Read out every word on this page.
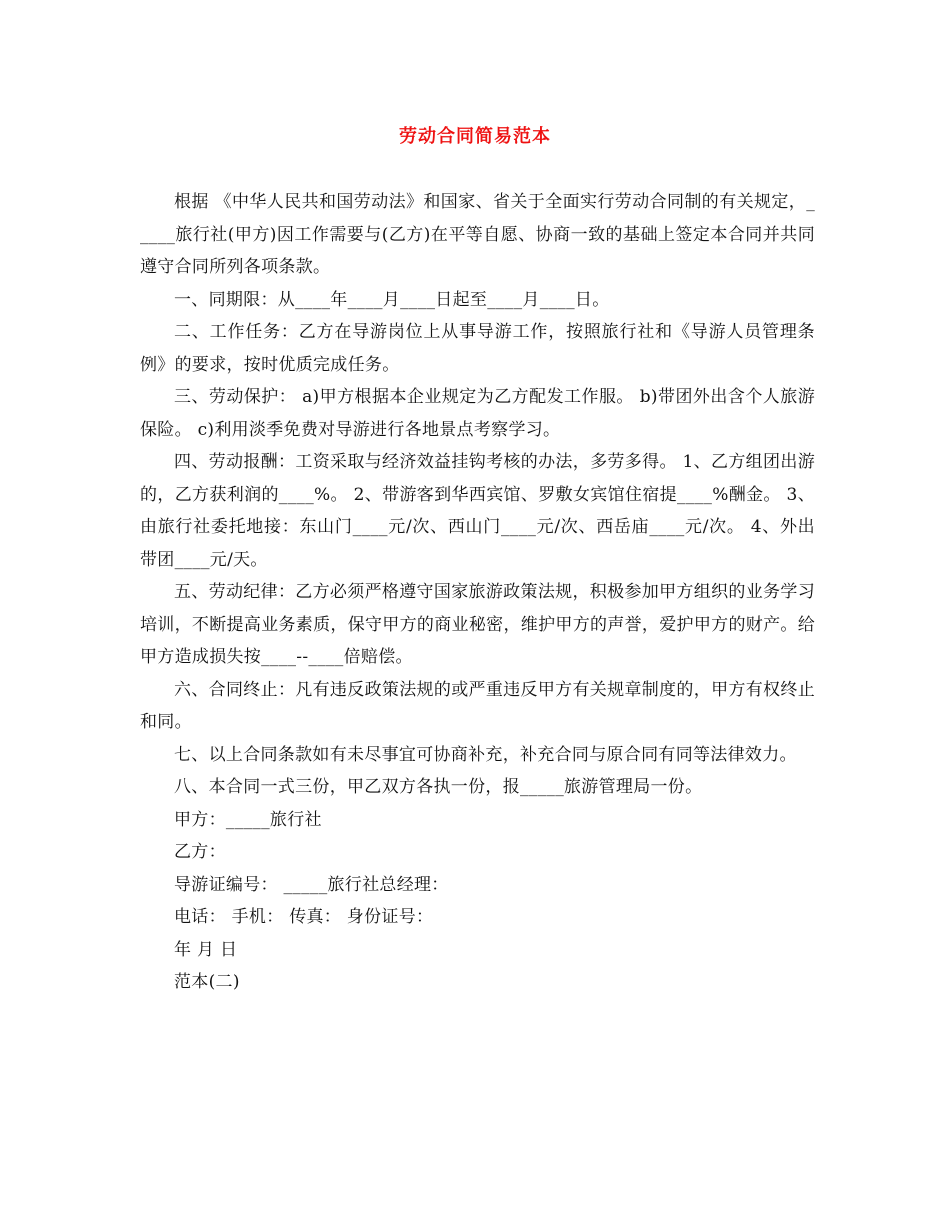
劳动合同简易范本

根据 《中华人民共和国劳动法》和国家、省关于全面实行劳动合同制的有关规定，_____旅行社(甲方)因工作需要与(乙方)在平等自愿、协商一致的基础上签定本合同并共同遵守合同所列各项条款。

一、同期限：从____年____月____日起至____月____日。

二、工作任务：乙方在导游岗位上从事导游工作，按照旅行社和《导游人员管理条例》的要求，按时优质完成任务。

三、劳动保护： a)甲方根据本企业规定为乙方配发工作服。 b)带团外出含个人旅游保险。 c)利用淡季免费对导游进行各地景点考察学习。

四、劳动报酬：工资采取与经济效益挂钩考核的办法，多劳多得。 1、乙方组团出游的，乙方获利润的____%。 2、带游客到华西宾馆、罗敷女宾馆住宿提____%酬金。 3、由旅行社委托地接：东山门____元/次、西山门____元/次、西岳庙____元/次。 4、外出带团____元/天。

五、劳动纪律：乙方必须严格遵守国家旅游政策法规，积极参加甲方组织的业务学习培训，不断提高业务素质，保守甲方的商业秘密，维护甲方的声誉，爱护甲方的财产。给甲方造成损失按____--____倍赔偿。

六、合同终止：凡有违反政策法规的或严重违反甲方有关规章制度的，甲方有权终止和同。

七、以上合同条款如有未尽事宜可协商补充，补充合同与原合同有同等法律效力。

八、本合同一式三份，甲乙双方各执一份，报_____旅游管理局一份。

甲方：_____旅行社

乙方：

导游证编号： _____旅行社总经理：

电话： 手机： 传真： 身份证号：

年 月 日

范本(二)
